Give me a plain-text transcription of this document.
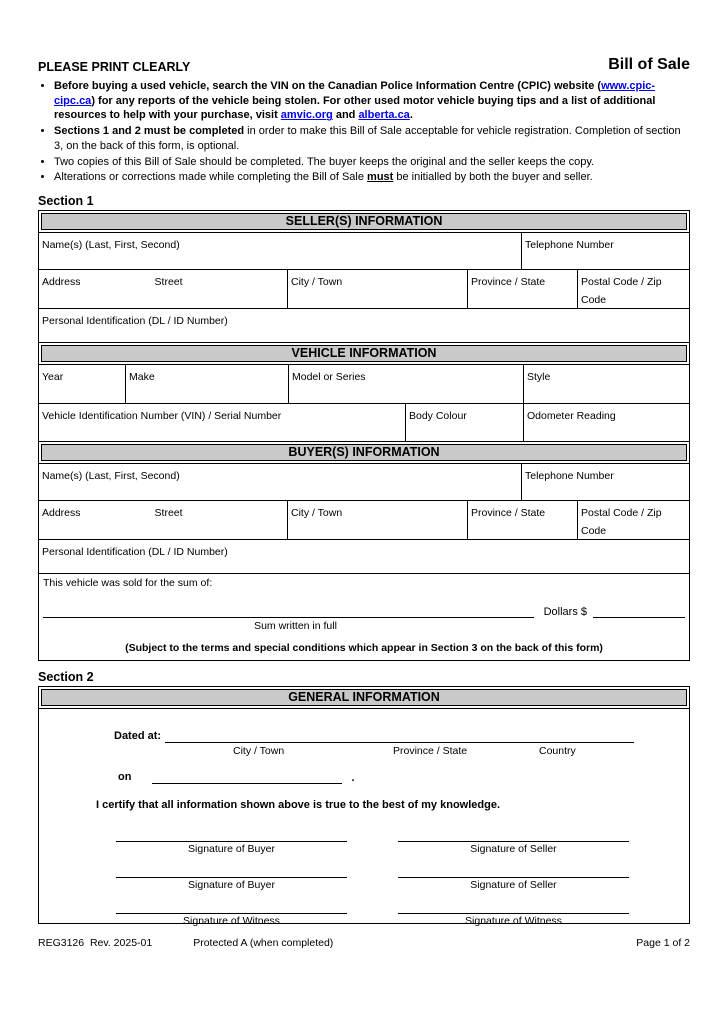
PLEASE PRINT CLEARLY	Bill of Sale
• Before buying a used vehicle, search the VIN on the Canadian Police Information Centre (CPIC) website (www.cpic-cipc.ca) for any reports of the vehicle being stolen. For other used motor vehicle buying tips and a list of additional resources to help with your purchase, visit amvic.org and alberta.ca.
• Sections 1 and 2 must be completed in order to make this Bill of Sale acceptable for vehicle registration. Completion of section 3, on the back of this form, is optional.
• Two copies of this Bill of Sale should be completed. The buyer keeps the original and the seller keeps the copy.
• Alterations or corrections made while completing the Bill of Sale must be initialled by both the buyer and seller.
Section 1
SELLER(S) INFORMATION
Name(s) (Last, First, Second)	Telephone Number
Address	Street	City / Town	Province / State	Postal Code / Zip Code
Personal Identification (DL / ID Number)
VEHICLE INFORMATION
Year	Make	Model or Series	Style
Vehicle Identification Number (VIN) / Serial Number	Body Colour	Odometer Reading
BUYER(S) INFORMATION
Name(s) (Last, First, Second)	Telephone Number
Address	Street	City / Town	Province / State	Postal Code / Zip Code
Personal Identification (DL / ID Number)
This vehicle was sold for the sum of:
Dollars $
Sum written in full
(Subject to the terms and special conditions which appear in Section 3 on the back of this form)
Section 2
GENERAL INFORMATION
Dated at:
City / Town	Province / State	Country
on	.
I certify that all information shown above is true to the best of my knowledge.
Signature of Buyer	Signature of Seller
Signature of Buyer	Signature of Seller
Signature of Witness	Signature of Witness
REG3126  Rev. 2025-01	Protected A (when completed)	Page 1 of 2
